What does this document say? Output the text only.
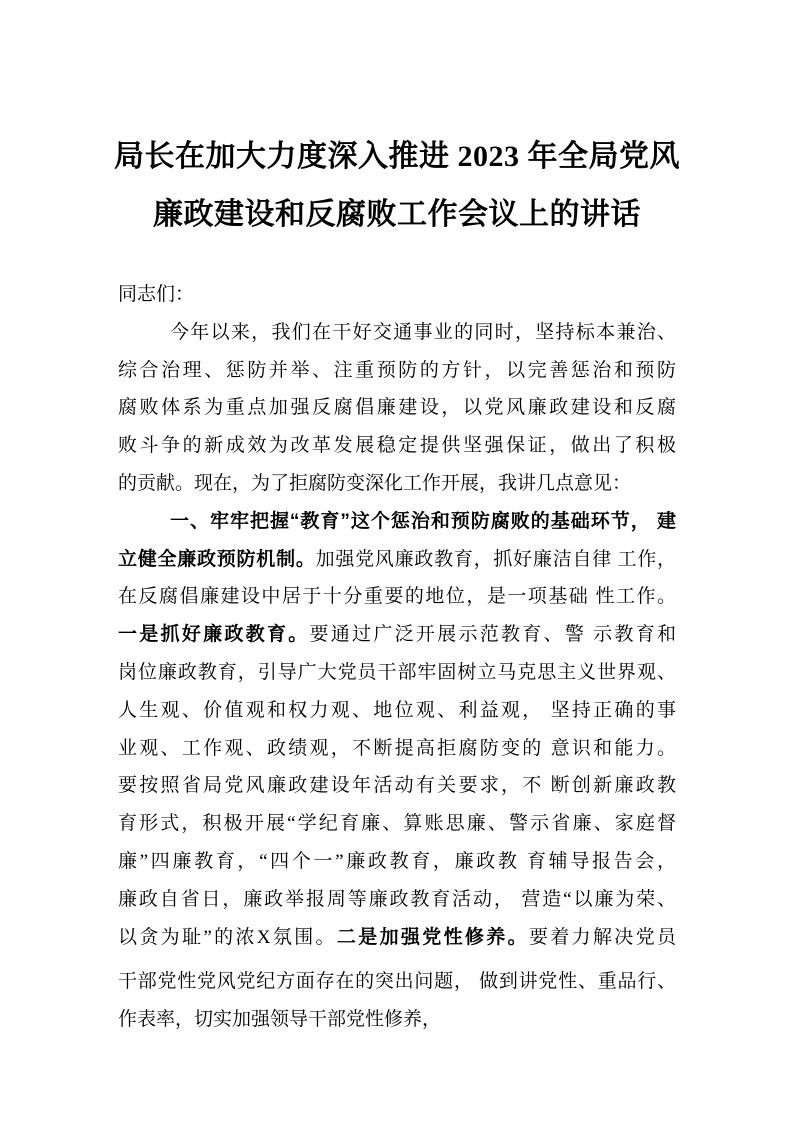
局长在加大力度深入推进 2023 年全局党风
廉政建设和反腐败工作会议上的讲话

同志们：

今年以来，我们在干好交通事业的同时，坚持标本兼治、

综合治理、惩防并举、注重预防的方针，以完善惩治和预防

腐败体系为重点加强反腐倡廉建设，以党风廉政建设和反腐

败斗争的新成效为改革发展稳定提供坚强保证，做出了积极

的贡献。现在，为了拒腐防变深化工作开展，我讲几点意见：

一、牢牢把握“教育”这个惩治和预防腐败的基础环节， 建

立健全廉政预防机制。加强党风廉政教育，抓好廉洁自律 工作，

在反腐倡廉建设中居于十分重要的地位，是一项基础 性工作。

一是抓好廉政教育。要通过广泛开展示范教育、警 示教育和

岗位廉政教育，引导广大党员干部牢固树立马克思主义世界观、

人生观、价值观和权力观、地位观、利益观， 坚持正确的事

业观、工作观、政绩观，不断提高拒腐防变的 意识和能力。

要按照省局党风廉政建设年活动有关要求，不 断创新廉政教

育形式，积极开展“学纪育廉、算账思廉、警示省廉、家庭督

廉”四廉教育，“四个一”廉政教育，廉政教 育辅导报告会，

廉政自省日，廉政举报周等廉政教育活动， 营造“以廉为荣、

以贪为耻”的浓X氛围。二是加强党性修养。要着力解决党员

干部党性党风党纪方面存在的突出问题， 做到讲党性、重品行、

作表率，切实加强领导干部党性修养，
